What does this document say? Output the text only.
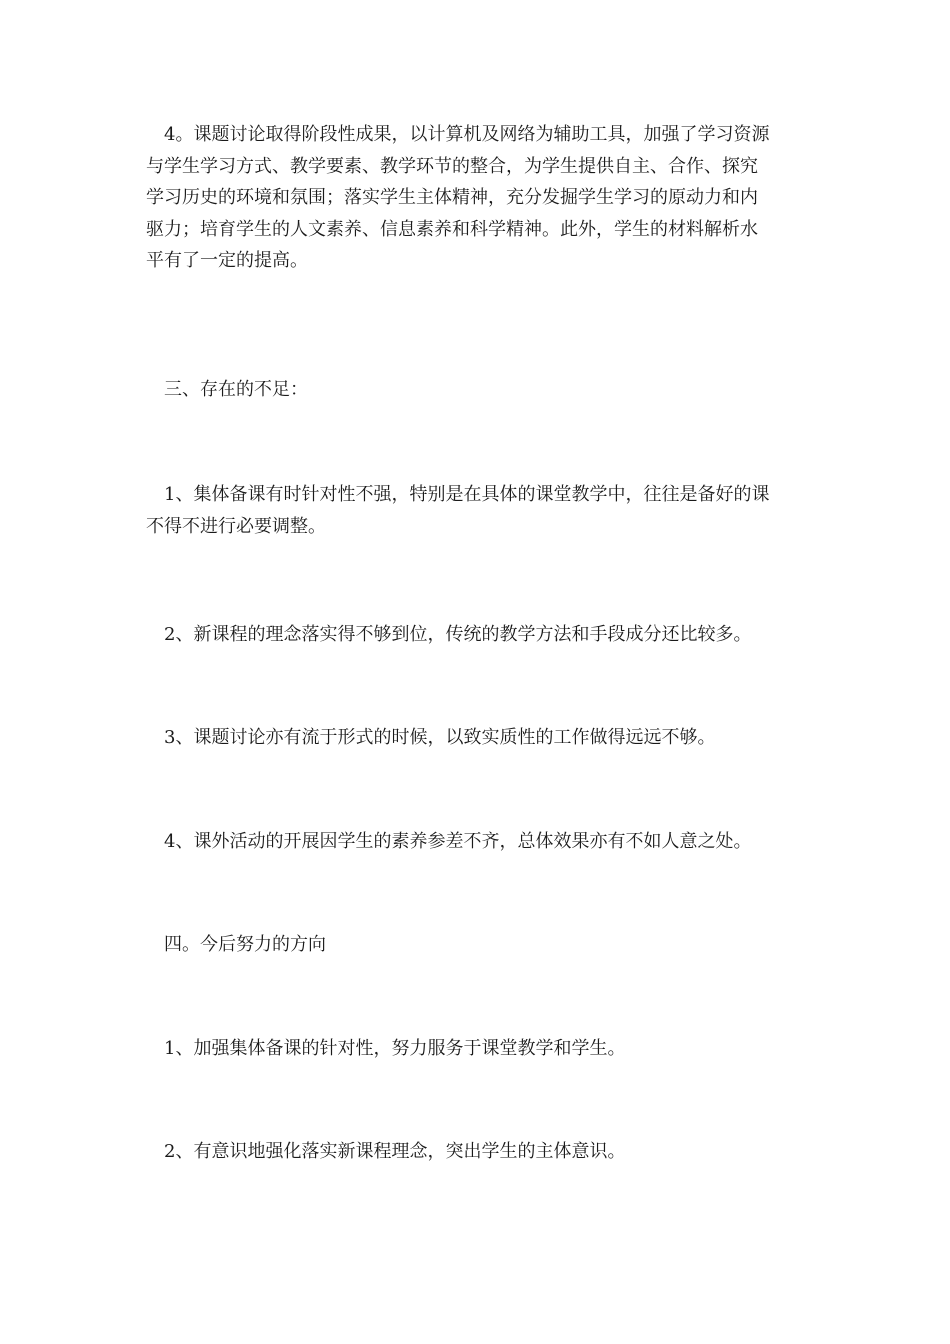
4。课题讨论取得阶段性成果，以计算机及网络为辅助工具，加强了学习资源
与学生学习方式、教学要素、教学环节的整合，为学生提供自主、合作、探究
学习历史的环境和氛围；落实学生主体精神，充分发掘学生学习的原动力和内
驱力；培育学生的人文素养、信息素养和科学精神。此外，学生的材料解析水
平有了一定的提高。

三、存在的不足：

1、集体备课有时针对性不强，特别是在具体的课堂教学中，往往是备好的课
不得不进行必要调整。

2、新课程的理念落实得不够到位，传统的教学方法和手段成分还比较多。

3、课题讨论亦有流于形式的时候，以致实质性的工作做得远远不够。

4、课外活动的开展因学生的素养参差不齐，总体效果亦有不如人意之处。

四。今后努力的方向

1、加强集体备课的针对性，努力服务于课堂教学和学生。

2、有意识地强化落实新课程理念，突出学生的主体意识。
